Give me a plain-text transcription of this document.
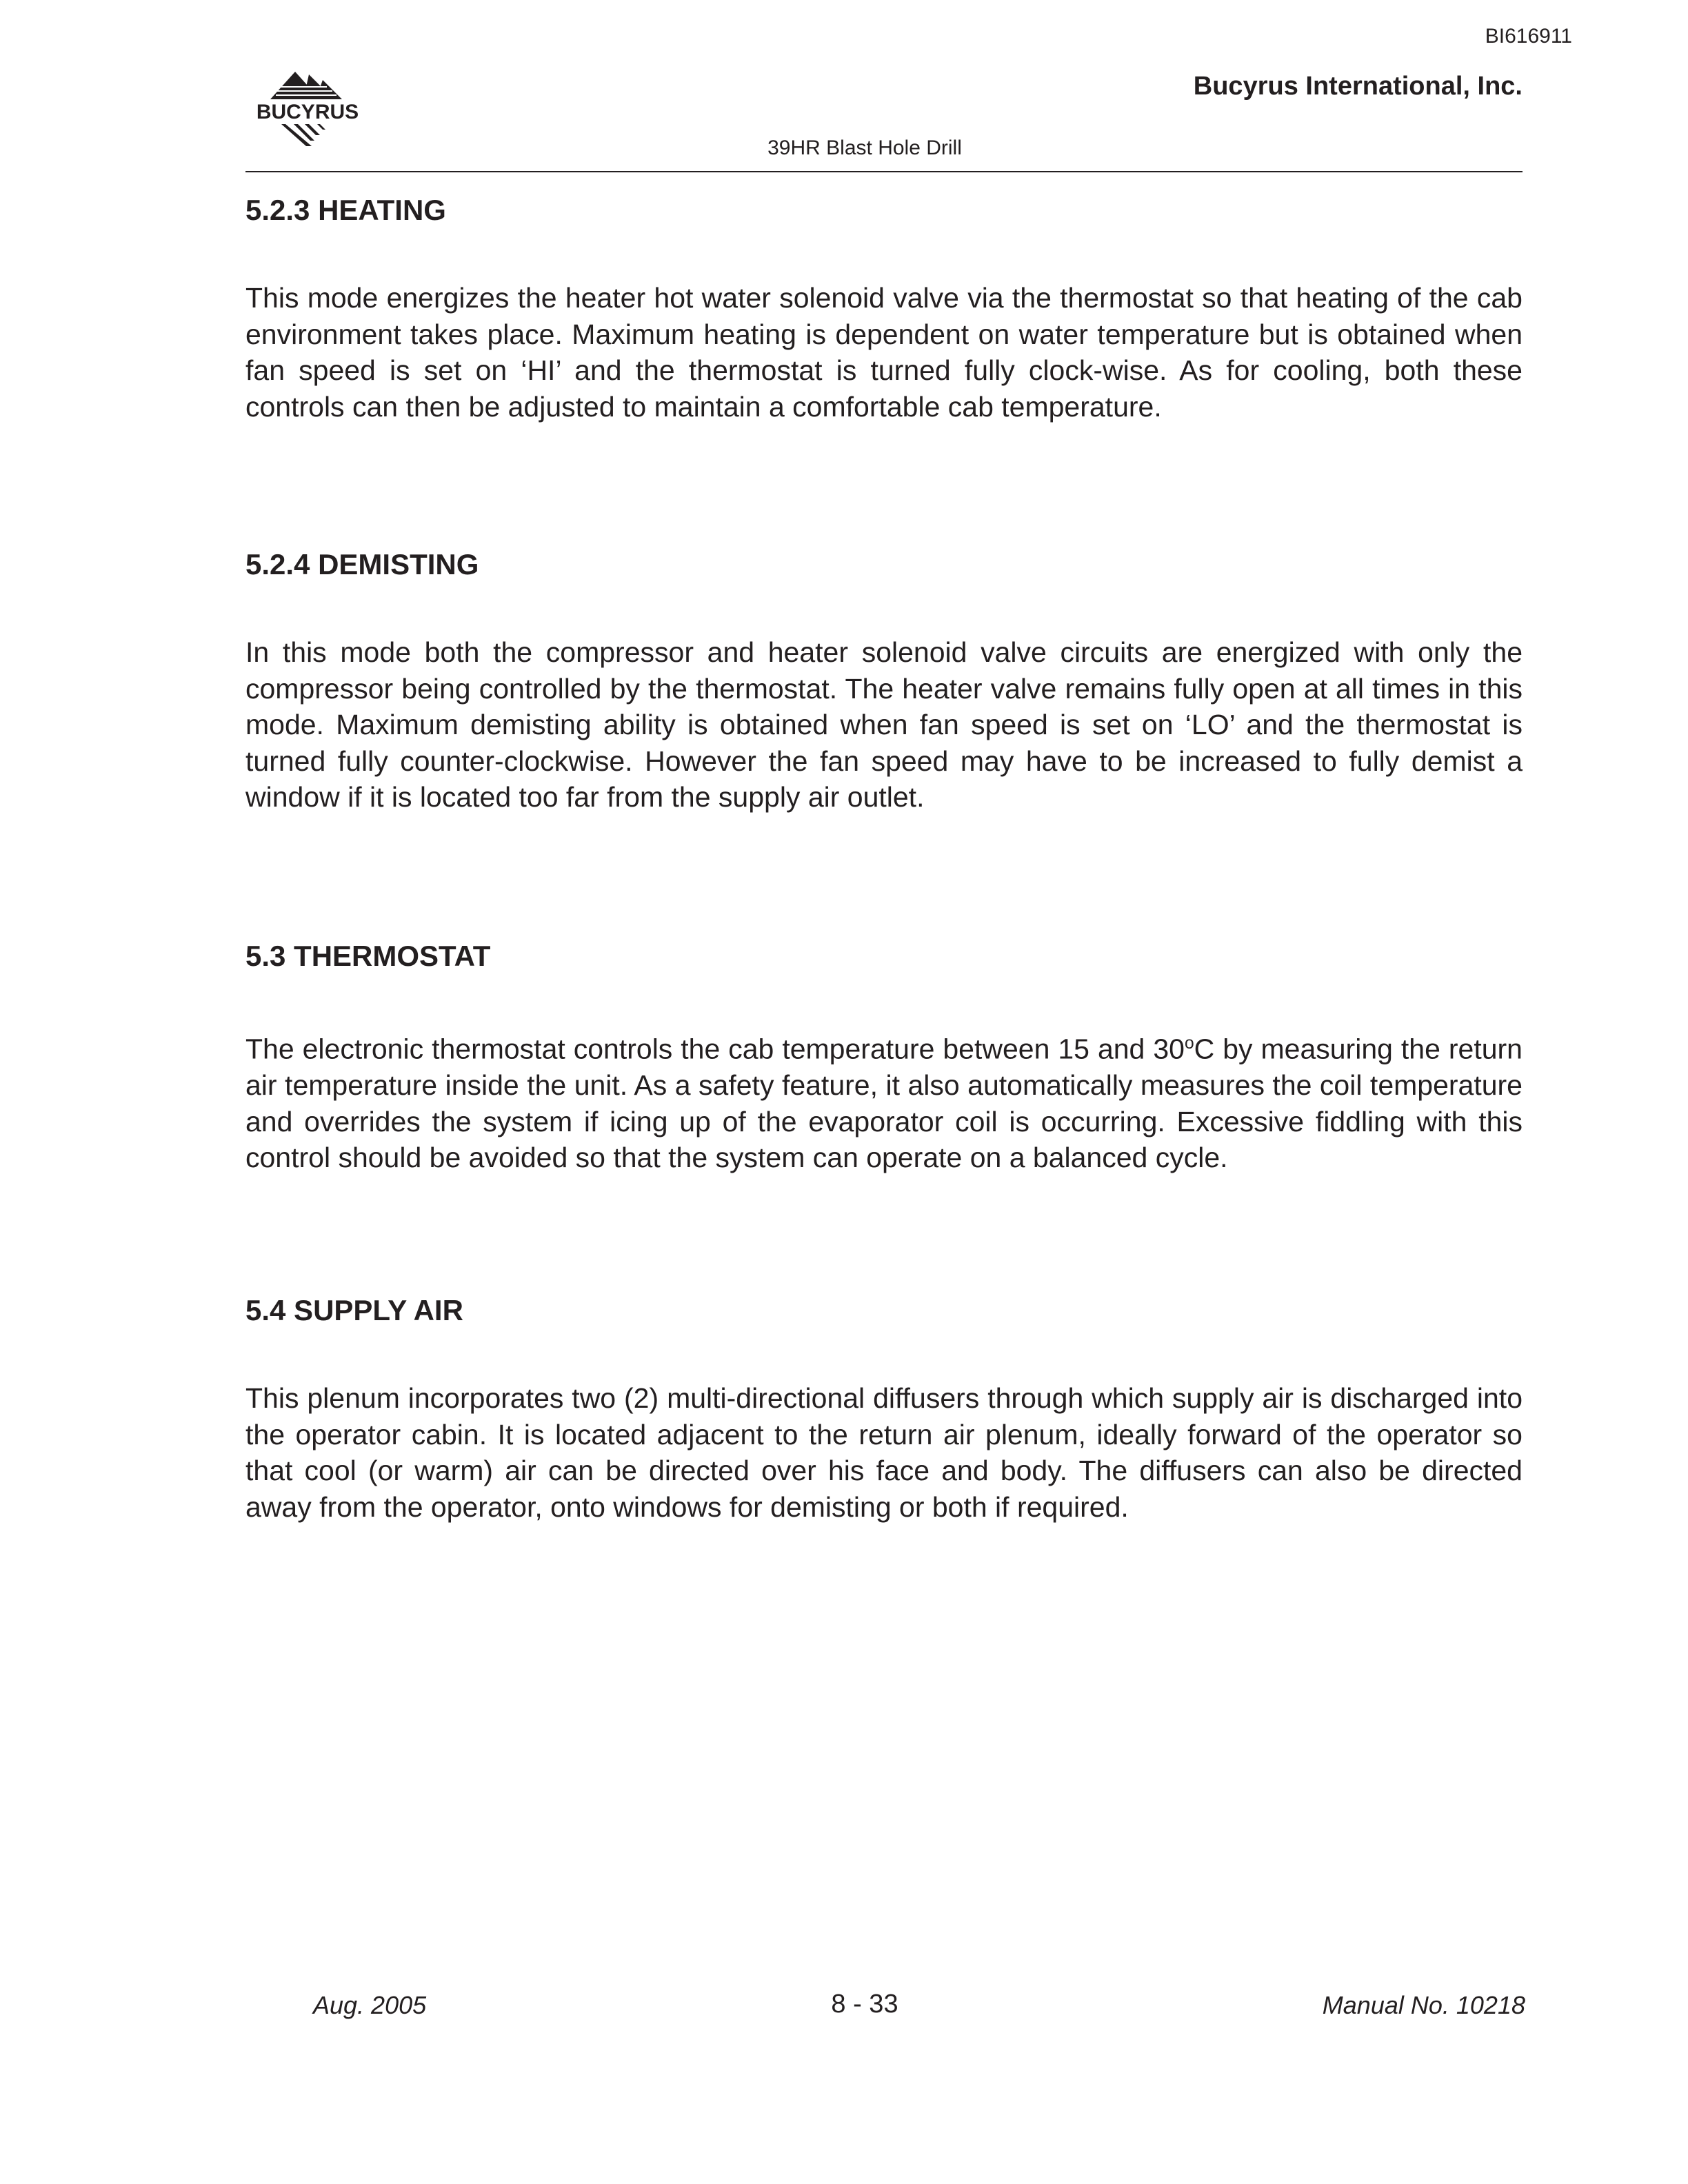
BI616911
BUCYRUS
Bucyrus International, Inc.
39HR Blast Hole Drill
5.2.3 HEATING

This mode energizes the heater hot water solenoid valve via the thermostat so that heating of the cab environment takes place. Maximum heating is dependent on water temperature but is obtained when fan speed is set on ‘HI’ and the thermostat is turned fully clock-wise. As for cooling, both these controls can then be adjusted to maintain a comfortable cab temperature.

5.2.4 DEMISTING

In this mode both the compressor and heater solenoid valve circuits are energized with only the compressor being controlled by the thermostat. The heater valve remains fully open at all times in this mode. Maximum demisting ability is obtained when fan speed is set on ‘LO’ and the thermostat is turned fully counter-clockwise. However the fan speed may have to be increased to fully demist a window if it is located too far from the supply air outlet.

5.3 THERMOSTAT

The electronic thermostat controls the cab temperature between 15 and 30$^o$C by measuring the return air temperature inside the unit. As a safety feature, it also automatically measures the coil temperature and overrides the system if icing up of the evaporator coil is occurring. Excessive fiddling with this control should be avoided so that the system can operate on a balanced cycle.

5.4 SUPPLY AIR

This plenum incorporates two (2) multi-directional diffusers through which supply air is discharged into the operator cabin. It is located adjacent to the return air plenum, ideally forward of the operator so that cool (or warm) air can be directed over his face and body. The diffusers can also be directed away from the operator, onto windows for demisting or both if required.

Aug. 2005	8 - 33	Manual No. 10218
